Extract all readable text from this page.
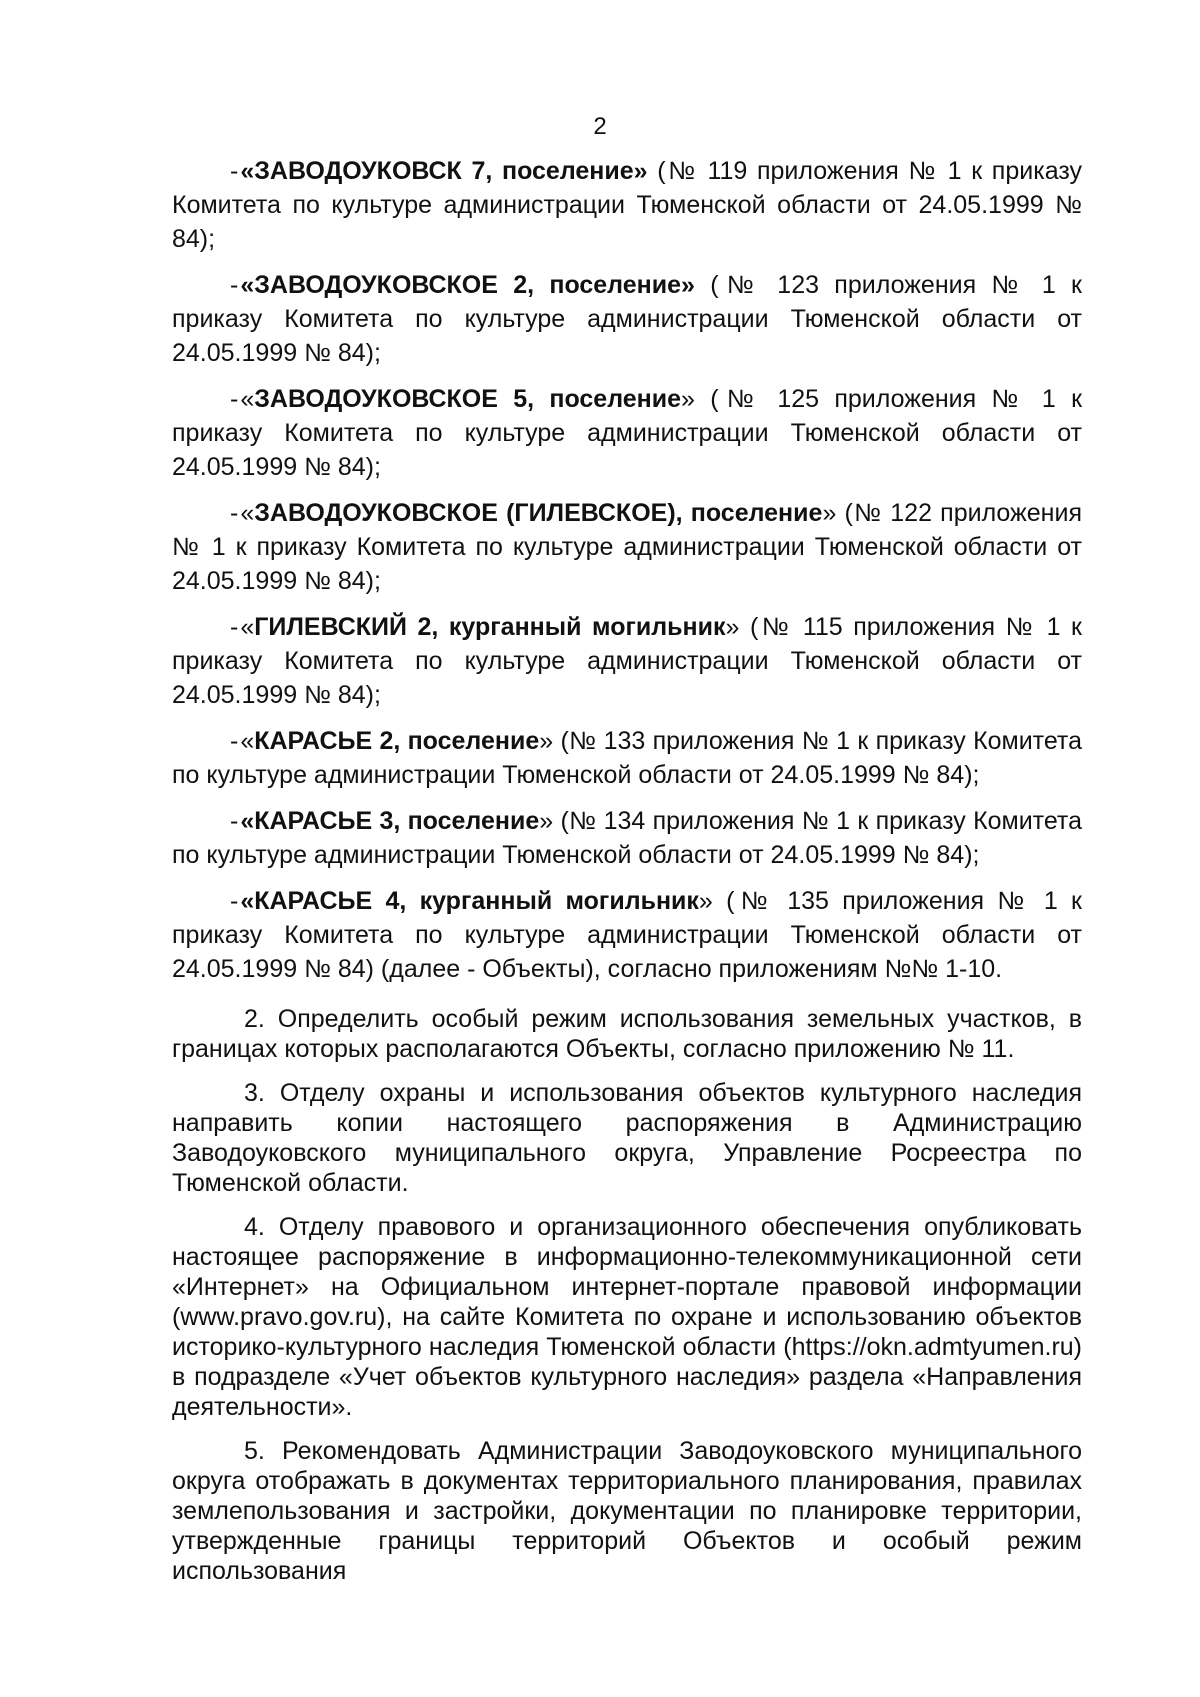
2

-«ЗАВОДОУКОВСК 7, поселение» (№ 119 приложения № 1 к приказу Комитета по культуре администрации Тюменской области от 24.05.1999 № 84);

-«ЗАВОДОУКОВСКОЕ 2, поселение» (№ 123 приложения № 1 к приказу Комитета по культуре администрации Тюменской области от 24.05.1999 № 84);

-«ЗАВОДОУКОВСКОЕ 5, поселение» (№ 125 приложения № 1 к приказу Комитета по культуре администрации Тюменской области от 24.05.1999 № 84);

-«ЗАВОДОУКОВСКОЕ (ГИЛЕВСКОЕ), поселение» (№ 122 приложения № 1 к приказу Комитета по культуре администрации Тюменской области от 24.05.1999 № 84);

-«ГИЛЕВСКИЙ 2, курганный могильник» (№ 115 приложения № 1 к приказу Комитета по культуре администрации Тюменской области от 24.05.1999 № 84);

-«КАРАСЬЕ 2, поселение» (№ 133 приложения № 1 к приказу Комитета по культуре администрации Тюменской области от 24.05.1999 № 84);

-«КАРАСЬЕ 3, поселение» (№ 134 приложения № 1 к приказу Комитета по культуре администрации Тюменской области от 24.05.1999 № 84);

-«КАРАСЬЕ 4, курганный могильник» (№ 135 приложения № 1 к приказу Комитета по культуре администрации Тюменской области от 24.05.1999 № 84) (далее - Объекты), согласно приложениям №№ 1-10.

2. Определить особый режим использования земельных участков, в границах которых располагаются Объекты, согласно приложению № 11.

3. Отделу охраны и использования объектов культурного наследия направить копии настоящего распоряжения в Администрацию Заводоуковского муниципального округа, Управление Росреестра по Тюменской области.

4. Отделу правового и организационного обеспечения опубликовать настоящее распоряжение в информационно-телекоммуникационной сети «Интернет» на Официальном интернет-портале правовой информации (www.pravo.gov.ru), на сайте Комитета по охране и использованию объектов историко-культурного наследия Тюменской области (https://okn.admtyumen.ru) в подразделе «Учет объектов культурного наследия» раздела «Направления деятельности».

5. Рекомендовать Администрации Заводоуковского муниципального округа отображать в документах территориального планирования, правилах землепользования и застройки, документации по планировке территории, утвержденные границы территорий Объектов и особый режим использования
